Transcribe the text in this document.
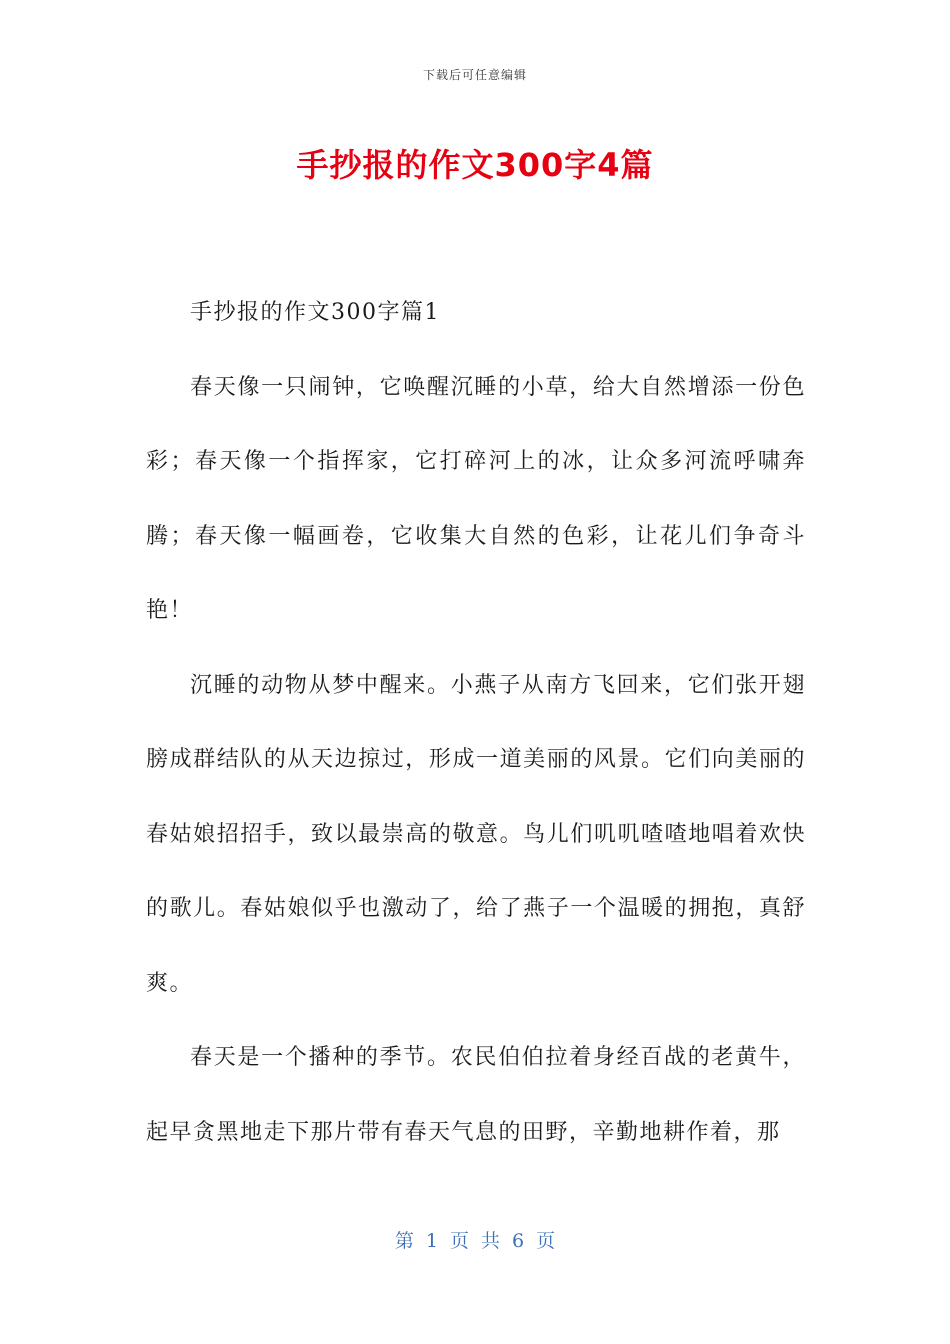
下载后可任意编辑
手抄报的作文300字4篇

手抄报的作文300字篇1

春天像一只闹钟，它唤醒沉睡的小草，给大自然增添一份色彩；春天像一个指挥家，它打碎河上的冰，让众多河流呼啸奔腾；春天像一幅画卷，它收集大自然的色彩，让花儿们争奇斗艳！

沉睡的动物从梦中醒来。小燕子从南方飞回来，它们张开翅膀成群结队的从天边掠过，形成一道美丽的风景。它们向美丽的春姑娘招招手，致以最崇高的敬意。鸟儿们叽叽喳喳地唱着欢快的歌儿。春姑娘似乎也激动了，给了燕子一个温暖的拥抱，真舒爽。

春天是一个播种的季节。农民伯伯拉着身经百战的老黄牛，起早贪黑地走下那片带有春天气息的田野，辛勤地耕作着，那

第 1 页 共 6 页
